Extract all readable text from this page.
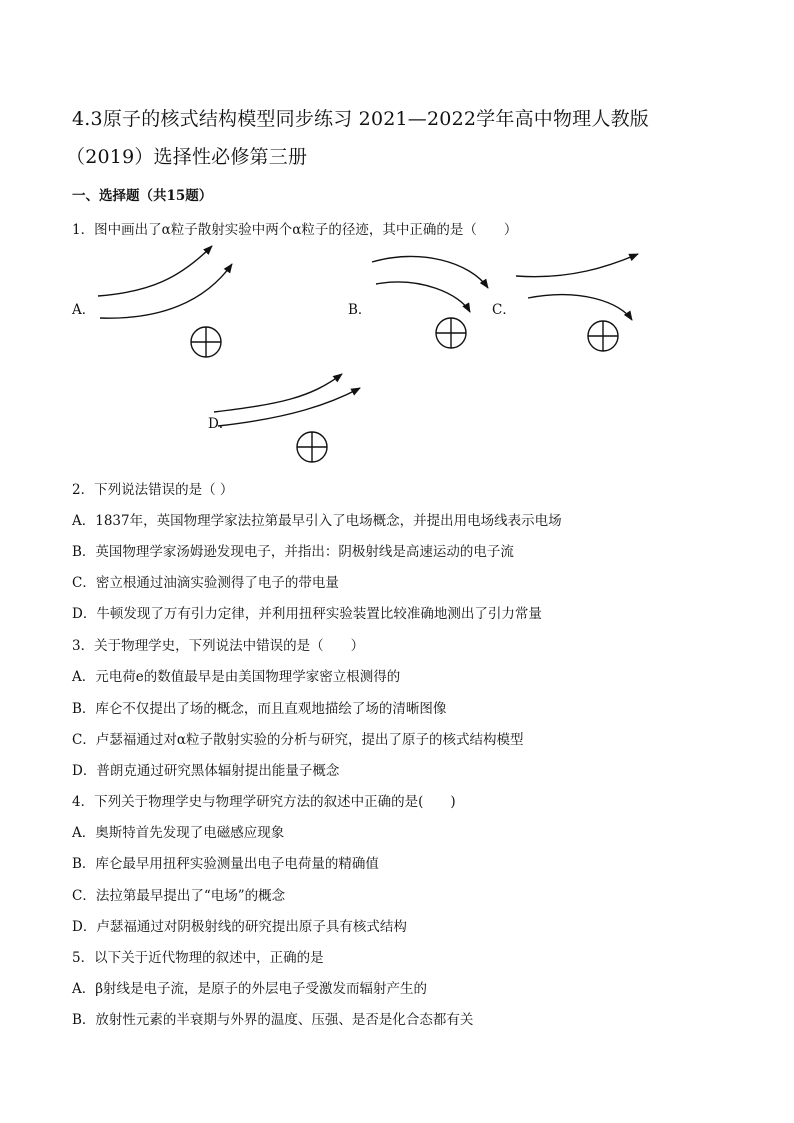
4.3原子的核式结构模型同步练习 2021—2022学年高中物理人教版
（2019）选择性必修第三册
一、选择题（共15题）
1．图中画出了α粒子散射实验中两个α粒子的径迹，其中正确的是（　　）
A．	B．	C．
D．
2．下列说法错误的是（ ）
A．1837年，英国物理学家法拉第最早引入了电场概念，并提出用电场线表示电场
B．英国物理学家汤姆逊发现电子，并指出：阴极射线是高速运动的电子流
C．密立根通过油滴实验测得了电子的带电量
D．牛顿发现了万有引力定律，并利用扭秤实验装置比较准确地测出了引力常量
3．关于物理学史，下列说法中错误的是（　　）
A．元电荷e的数值最早是由美国物理学家密立根测得的
B．库仑不仅提出了场的概念，而且直观地描绘了场的清晰图像
C．卢瑟福通过对α粒子散射实验的分析与研究，提出了原子的核式结构模型
D．普朗克通过研究黑体辐射提出能量子概念
4．下列关于物理学史与物理学研究方法的叙述中正确的是(　　)
A．奥斯特首先发现了电磁感应现象
B．库仑最早用扭秤实验测量出电子电荷量的精确值
C．法拉第最早提出了“电场”的概念
D．卢瑟福通过对阴极射线的研究提出原子具有核式结构
5．以下关于近代物理的叙述中，正确的是
A．β射线是电子流，是原子的外层电子受激发而辐射产生的
B．放射性元素的半衰期与外界的温度、压强、是否是化合态都有关
